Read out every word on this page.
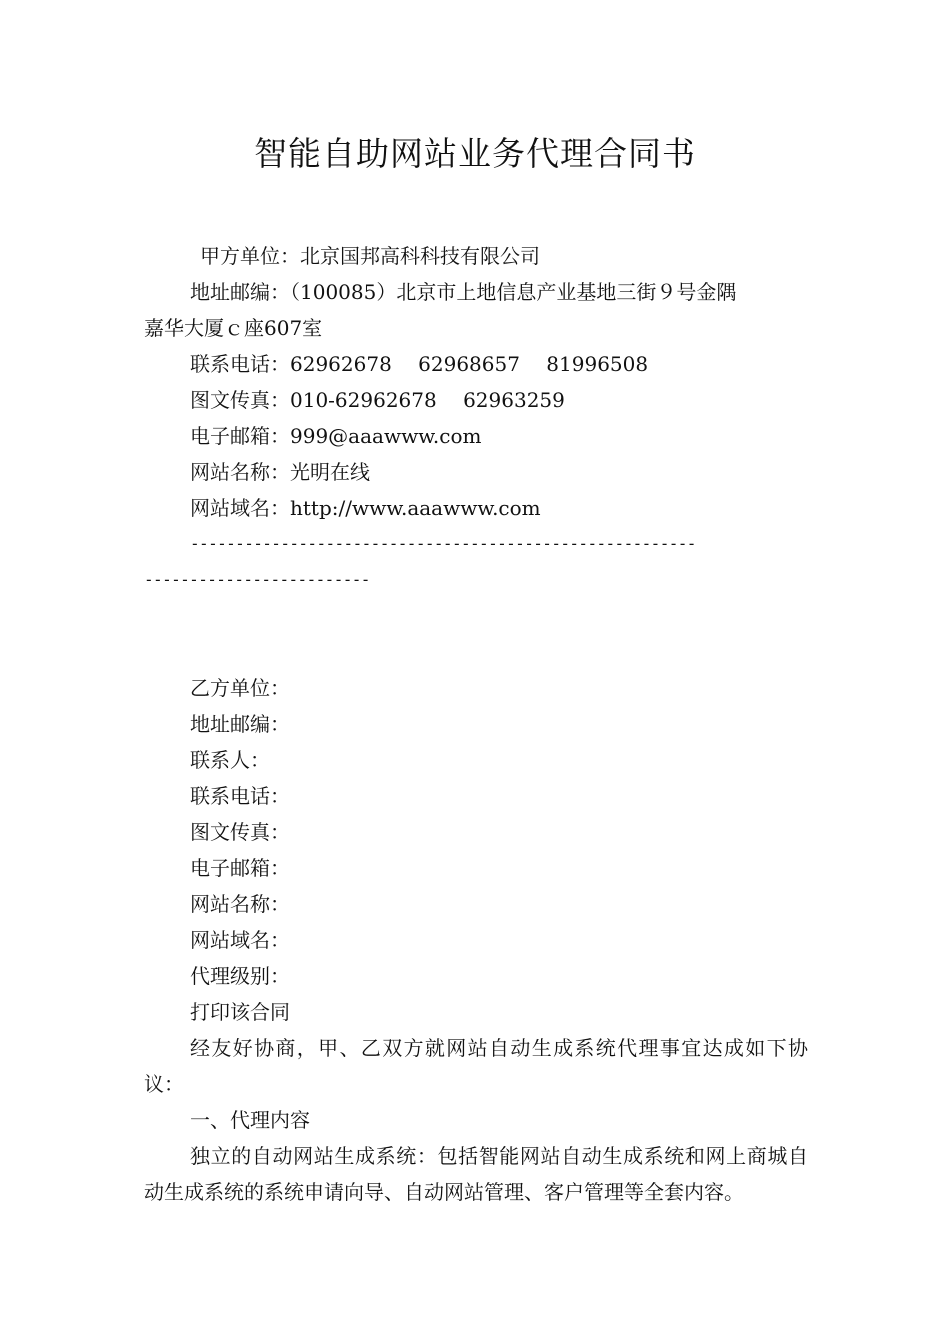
智能自助网站业务代理合同书
甲方单位：北京国邦高科科技有限公司
地址邮编：（100085）北京市上地信息产业基地三街９号金隅
嘉华大厦ｃ座607室
联系电话：62962678　 62968657　 81996508
图文传真：010-62962678　 62963259
电子邮箱：999@aaawww.com
网站名称：光明在线
网站域名：http://www.aaawww.com
--------------------------------------------------------
-------------------------
乙方单位：
地址邮编：
联系人：
联系电话：
图文传真：
电子邮箱：
网站名称：
网站域名：
代理级别：
打印该合同
经友好协商，甲、乙双方就网站自动生成系统代理事宜达成如下协议：
一、代理内容
独立的自动网站生成系统：包括智能网站自动生成系统和网上商城自动生成系统的系统申请向导、自动网站管理、客户管理等全套内容。
